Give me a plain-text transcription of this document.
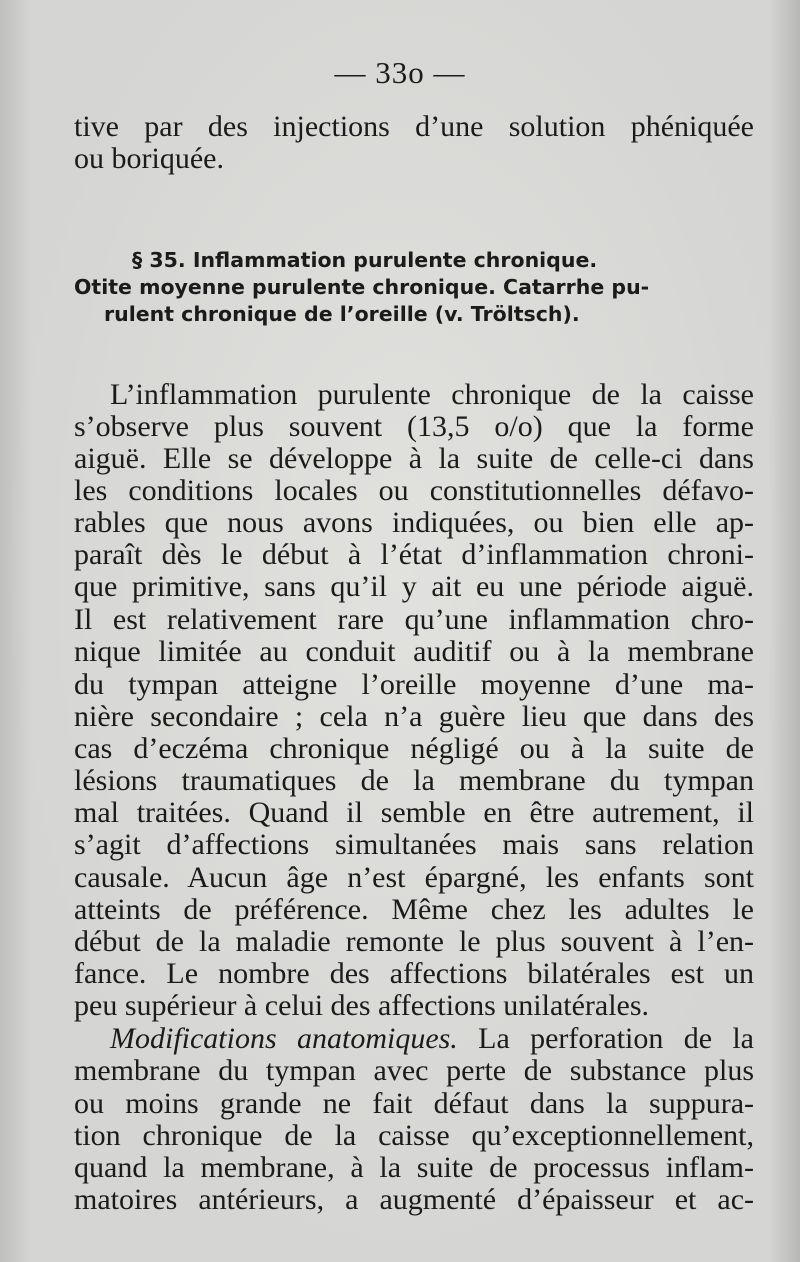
— 33o —

tive par des injections d’une solution phéniquée

ou boriquée.

§ 35. Inflammation purulente chronique.

Otite moyenne purulente chronique. Catarrhe pu-

rulent chronique de l’oreille (v. Tröltsch).

L’inflammation purulente chronique de la caisse

s’observe plus souvent (13,5 o/o) que la forme

aiguë. Elle se développe à la suite de celle-ci dans

les conditions locales ou constitutionnelles défavo-

rables que nous avons indiquées, ou bien elle ap-

paraît dès le début à l’état d’inflammation chroni-

que primitive, sans qu’il y ait eu une période aiguë.

Il est relativement rare qu’une inflammation chro-

nique limitée au conduit auditif ou à la membrane

du tympan atteigne l’oreille moyenne d’une ma-

nière secondaire ; cela n’a guère lieu que dans des

cas d’eczéma chronique négligé ou à la suite de

lésions traumatiques de la membrane du tympan

mal traitées. Quand il semble en être autrement, il

s’agit d’affections simultanées mais sans relation

causale. Aucun âge n’est épargné, les enfants sont

atteints de préférence. Même chez les adultes le

début de la maladie remonte le plus souvent à l’en-

fance. Le nombre des affections bilatérales est un

peu supérieur à celui des affections unilatérales.

Modifications anatomiques. La perforation de la

membrane du tympan avec perte de substance plus

ou moins grande ne fait défaut dans la suppura-

tion chronique de la caisse qu’exceptionnellement,

quand la membrane, à la suite de processus inflam-

matoires antérieurs, a augmenté d’épaisseur et ac-
